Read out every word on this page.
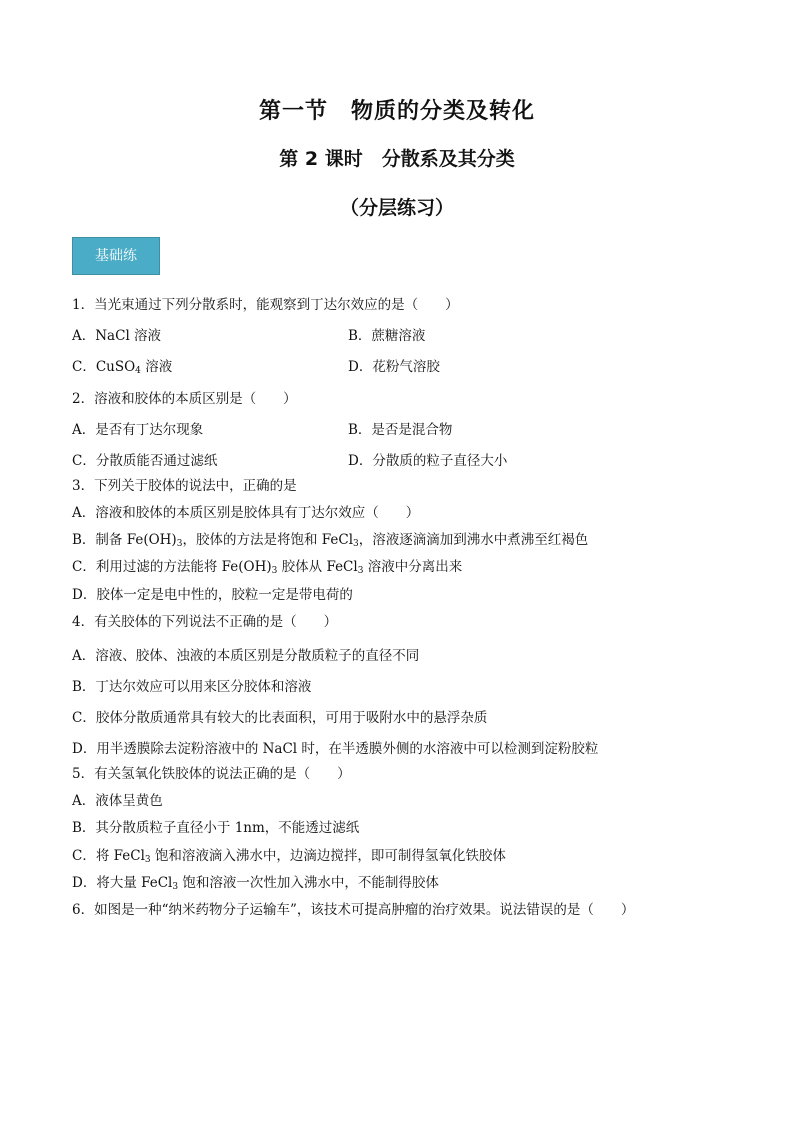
第一节　物质的分类及转化
第 2 课时　分散系及其分类
（分层练习）
基础练
1．当光束通过下列分散系时，能观察到丁达尔效应的是（　　）
A．NaCl 溶液	B．蔗糖溶液
C．CuSO$_4$ 溶液	D．花粉气溶胶
2．溶液和胶体的本质区别是（　　）
A．是否有丁达尔现象	B．是否是混合物
C．分散质能否通过滤纸	D．分散质的粒子直径大小
3．下列关于胶体的说法中，正确的是
A．溶液和胶体的本质区别是胶体具有丁达尔效应（　　）
B．制备 $Fe(OH)_3$，胶体的方法是将饱和 FeCl$_3$，溶液逐滴滴加到沸水中煮沸至红褐色
C．利用过滤的方法能将 $Fe(OH)_3$ 胶体从 FeCl$_3$ 溶液中分离出来
D．胶体一定是电中性的，胶粒一定是带电荷的
4．有关胶体的下列说法不正确的是（　　）
A．溶液、胶体、浊液的本质区别是分散质粒子的直径不同
B．丁达尔效应可以用来区分胶体和溶液
C．胶体分散质通常具有较大的比表面积，可用于吸附水中的悬浮杂质
D．用半透膜除去淀粉溶液中的 NaCl 时，在半透膜外侧的水溶液中可以检测到淀粉胶粒
5．有关氢氧化铁胶体的说法正确的是（　　）
A．液体呈黄色
B．其分散质粒子直径小于 1nm，不能透过滤纸
C．将 FeCl$_3$ 饱和溶液滴入沸水中，边滴边搅拌，即可制得氢氧化铁胶体
D．将大量 FeCl$_3$ 饱和溶液一次性加入沸水中，不能制得胶体
6．如图是一种“纳米药物分子运输车”，该技术可提高肿瘤的治疗效果。说法错误的是（　　）
